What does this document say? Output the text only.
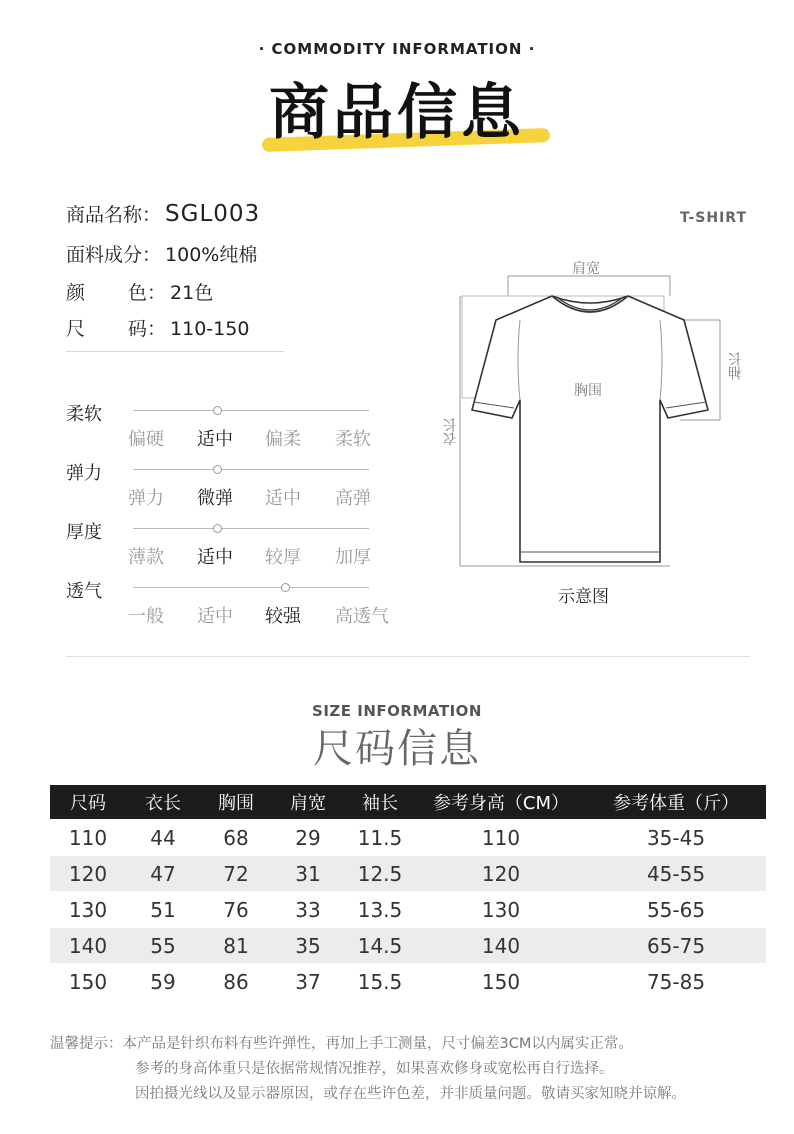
· COMMODITY INFORMATION ·
商品信息
商品名称： SGL003
面料成分： 100%纯棉
颜 色： 21色
尺 码： 110-150
柔软
偏硬	适中	偏柔	柔软
弹力
弹力	微弹	适中	高弹
厚度
薄款	适中	较厚	加厚
透气
一般	适中	较强	高透气
T-SHIRT
肩宽
胸围
袖长
衣长
示意图
SIZE INFORMATION
尺码信息
尺码	衣长	胸围	肩宽	袖长	参考身高（CM）	参考体重（斤）
110	44	68	29	11.5	110	35-45
120	47	72	31	12.5	120	45-55
130	51	76	33	13.5	130	55-65
140	55	81	35	14.5	140	65-75
150	59	86	37	15.5	150	75-85
温馨提示：本产品是针织布料有些许弹性，再加上手工测量，尺寸偏差3CM以内属实正常。
参考的身高体重只是依据常规情况推荐，如果喜欢修身或宽松再自行选择。
因拍摄光线以及显示器原因，或存在些许色差，并非质量问题。敬请买家知晓并谅解。
